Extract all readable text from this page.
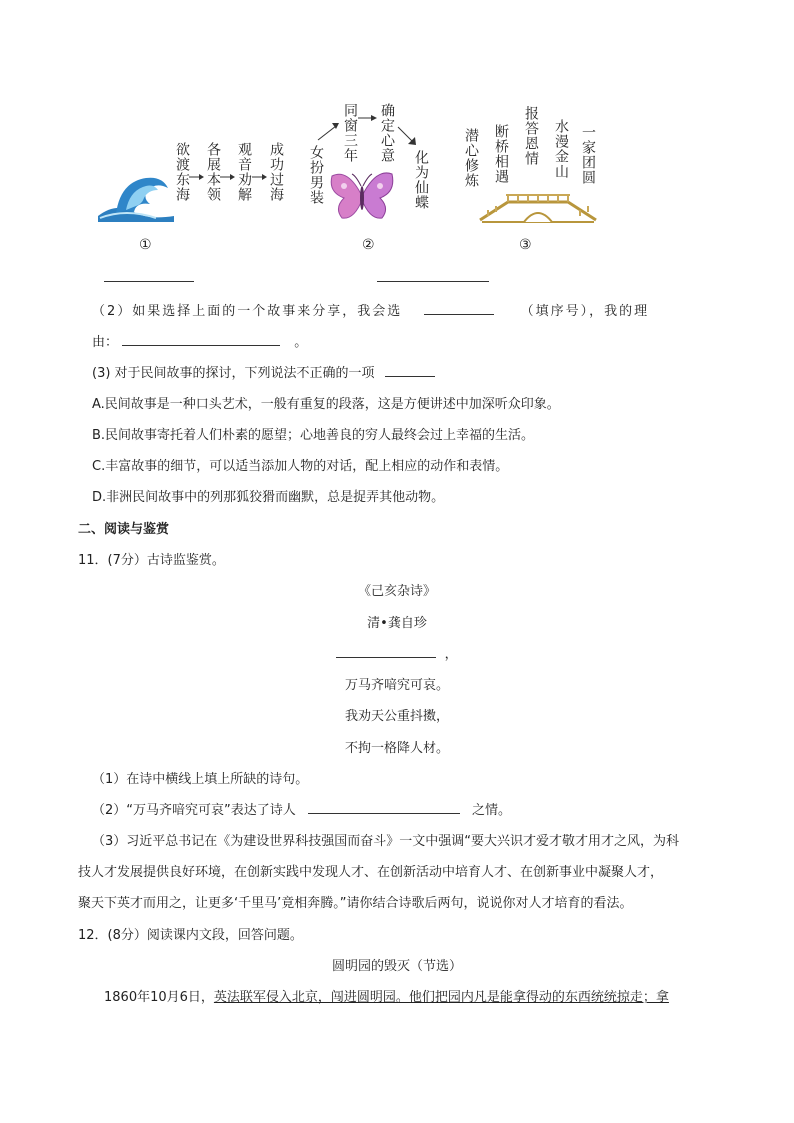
欲渡东海 各展本领 观音劝解 成功过海
①
女扮男装
同窗三年 确定心意
化为仙蝶
②
潜心修炼 断桥相遇 报答恩情 水漫金山 一家团圆
③
（2）如果选择上面的一个故事来分享，我会选	（填序号），我的理
由：	。
(3) 对于民间故事的探讨，下列说法不正确的一项
A.民间故事是一种口头艺术，一般有重复的段落，这是方便讲述中加深听众印象。
B.民间故事寄托着人们朴素的愿望；心地善良的穷人最终会过上幸福的生活。
C.丰富故事的细节，可以适当添加人物的对话，配上相应的动作和表情。
D.非洲民间故事中的列那狐狡猾而幽默，总是捉弄其他动物。
二、阅读与鉴赏
11．(7分）古诗监鉴赏。
《己亥杂诗》
清•龚自珍
，
万马齐喑究可哀。
我劝天公重抖擞，
不拘一格降人材。
（1）在诗中横线上填上所缺的诗句。
（2）“万马齐喑究可哀”表达了诗人	之情。
（3）习近平总书记在《为建设世界科技强国而奋斗》一文中强调“要大兴识才爱才敬才用才之风，为科
技人才发展提供良好环境，在创新实践中发现人才、在创新活动中培育人才、在创新事业中凝聚人才，
聚天下英才而用之，让更多‘千里马’竟相奔腾。”请你结合诗歌后两句，说说你对人才培育的看法。
12．(8分）阅读课内文段，回答问题。
圆明园的毁灭（节选）
1860年10月6日，英法联军侵入北京，闯进圆明园。他们把园内凡是能拿得动的东西统统掠走；拿
